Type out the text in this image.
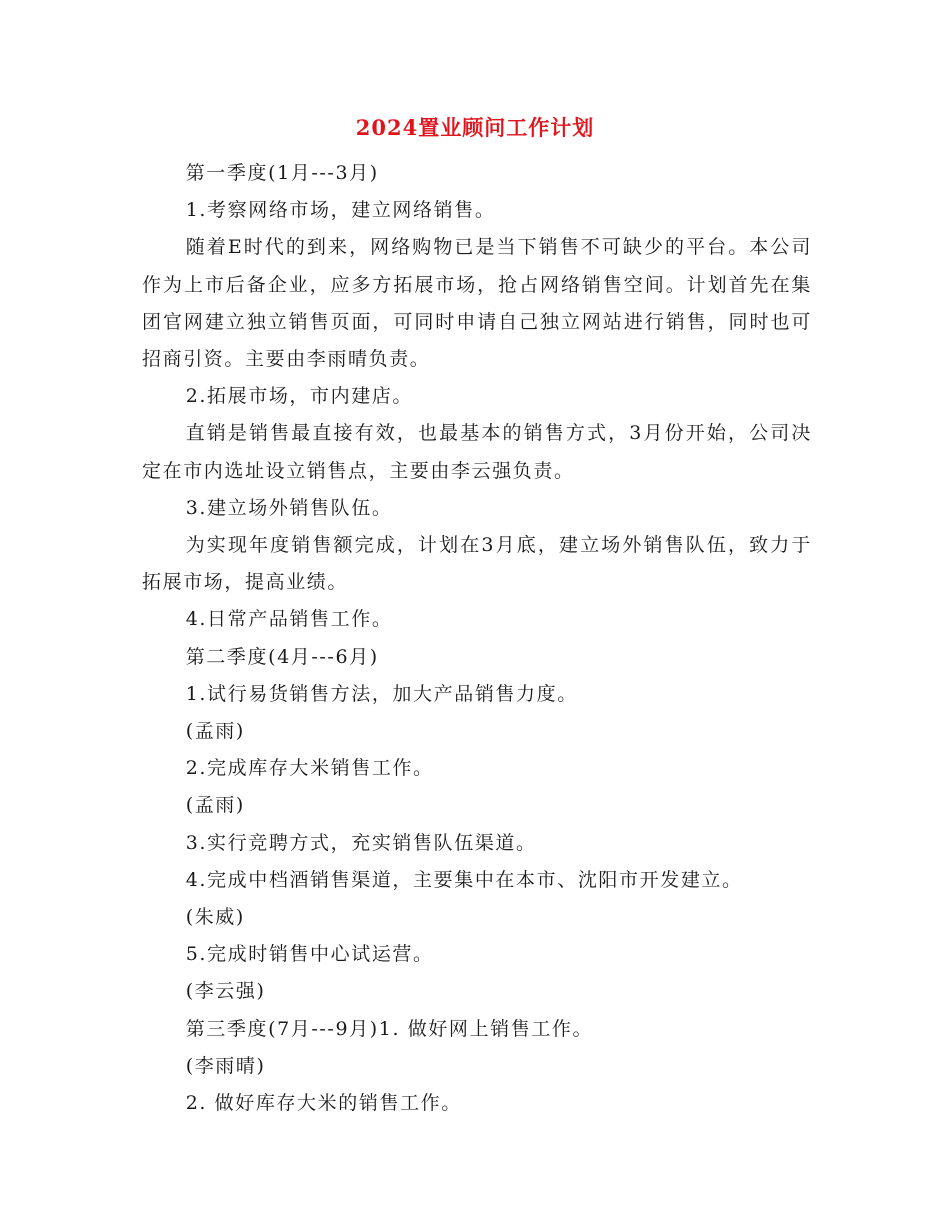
2024置业顾问工作计划

第一季度(1月---3月)

1.考察网络市场，建立网络销售。

随着E时代的到来，网络购物已是当下销售不可缺少的平台。本公司作为上市后备企业，应多方拓展市场，抢占网络销售空间。计划首先在集团官网建立独立销售页面，可同时申请自己独立网站进行销售，同时也可招商引资。主要由李雨晴负责。

2.拓展市场，市内建店。

直销是销售最直接有效，也最基本的销售方式，3月份开始，公司决定在市内选址设立销售点，主要由李云强负责。

3.建立场外销售队伍。

为实现年度销售额完成，计划在3月底，建立场外销售队伍，致力于拓展市场，提高业绩。

4.日常产品销售工作。

第二季度(4月---6月)

1.试行易货销售方法，加大产品销售力度。

(孟雨)

2.完成库存大米销售工作。

(孟雨)

3.实行竞聘方式，充实销售队伍渠道。

4.完成中档酒销售渠道，主要集中在本市、沈阳市开发建立。

(朱威)

5.完成时销售中心试运营。

(李云强)

第三季度(7月---9月)1. 做好网上销售工作。

(李雨晴)

2. 做好库存大米的销售工作。
